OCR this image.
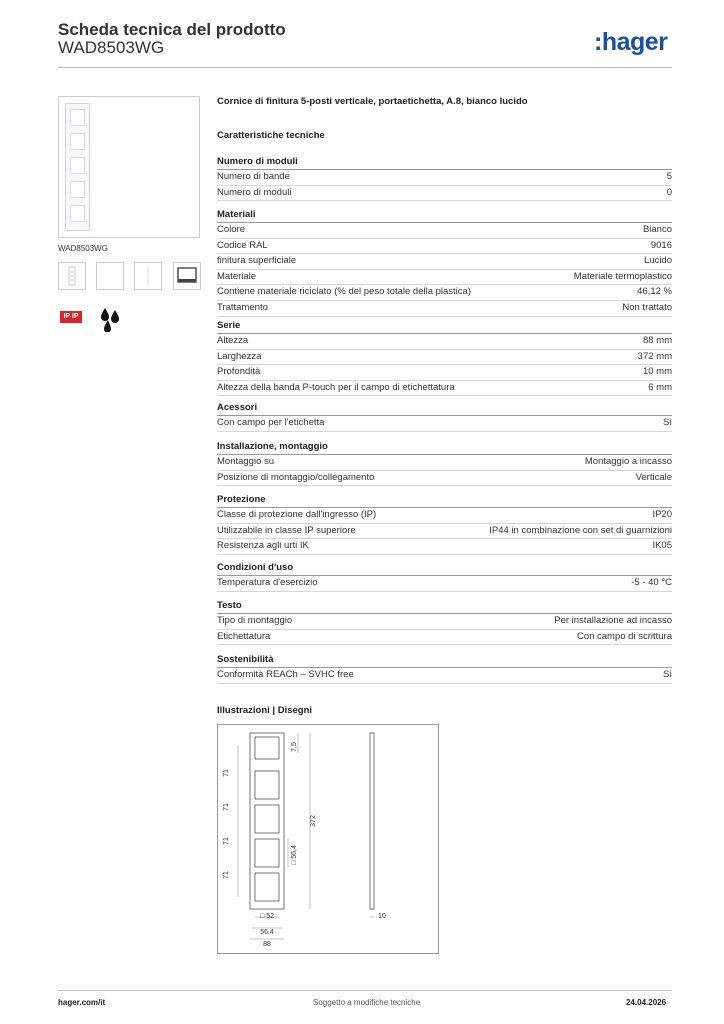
Scheda tecnica del prodotto
WAD8503WG	:hager
WAD8503WG
IP IP
Cornice di finitura 5-posti verticale, portaetichetta, A.8, bianco lucido
Caratteristiche tecniche
Numero di moduli
Numero di bande	5
Numero di moduli	0
Materiali
Colore	Bianco
Codice RAL	9016
finitura superficiale	Lucido
Materiale	Materiale termoplastico
Contiene materiale riciclato (% del peso totale della plastica)	46,12 %
Trattamento	Non trattato
Serie
Altezza	88 mm
Larghezza	372 mm
Profondità	10 mm
Altezza della banda P-touch per il campo di etichettatura	6 mm
Acessori
Con campo per l'etichetta	Sì
Installazione, montaggio
Montaggio su	Montaggio a incasso
Posizione di montaggio/collegamento	Verticale
Protezione
Classe di protezione dall'ingresso (IP)	IP20
Utilizzabile in classe IP superiore	IP44 in combinazione con set di guarnizioni
Resistenza agli urti IK	IK05
Condizioni d'uso
Temperatura d'esercizio	-5 - 40 °C
Testo
Tipo di montaggio	Per installazione ad incasso
Etichettatura	Con campo di scrittura
Sostenibilità
Conformità REACh – SVHC free	Sì
Illustrazioni | Disegni
7,5
71
71
71
71
372
□ 56,4
□ 52
56,4
88
10
hager.com/it	Soggetto a modifiche tecniche	24.04.2026
